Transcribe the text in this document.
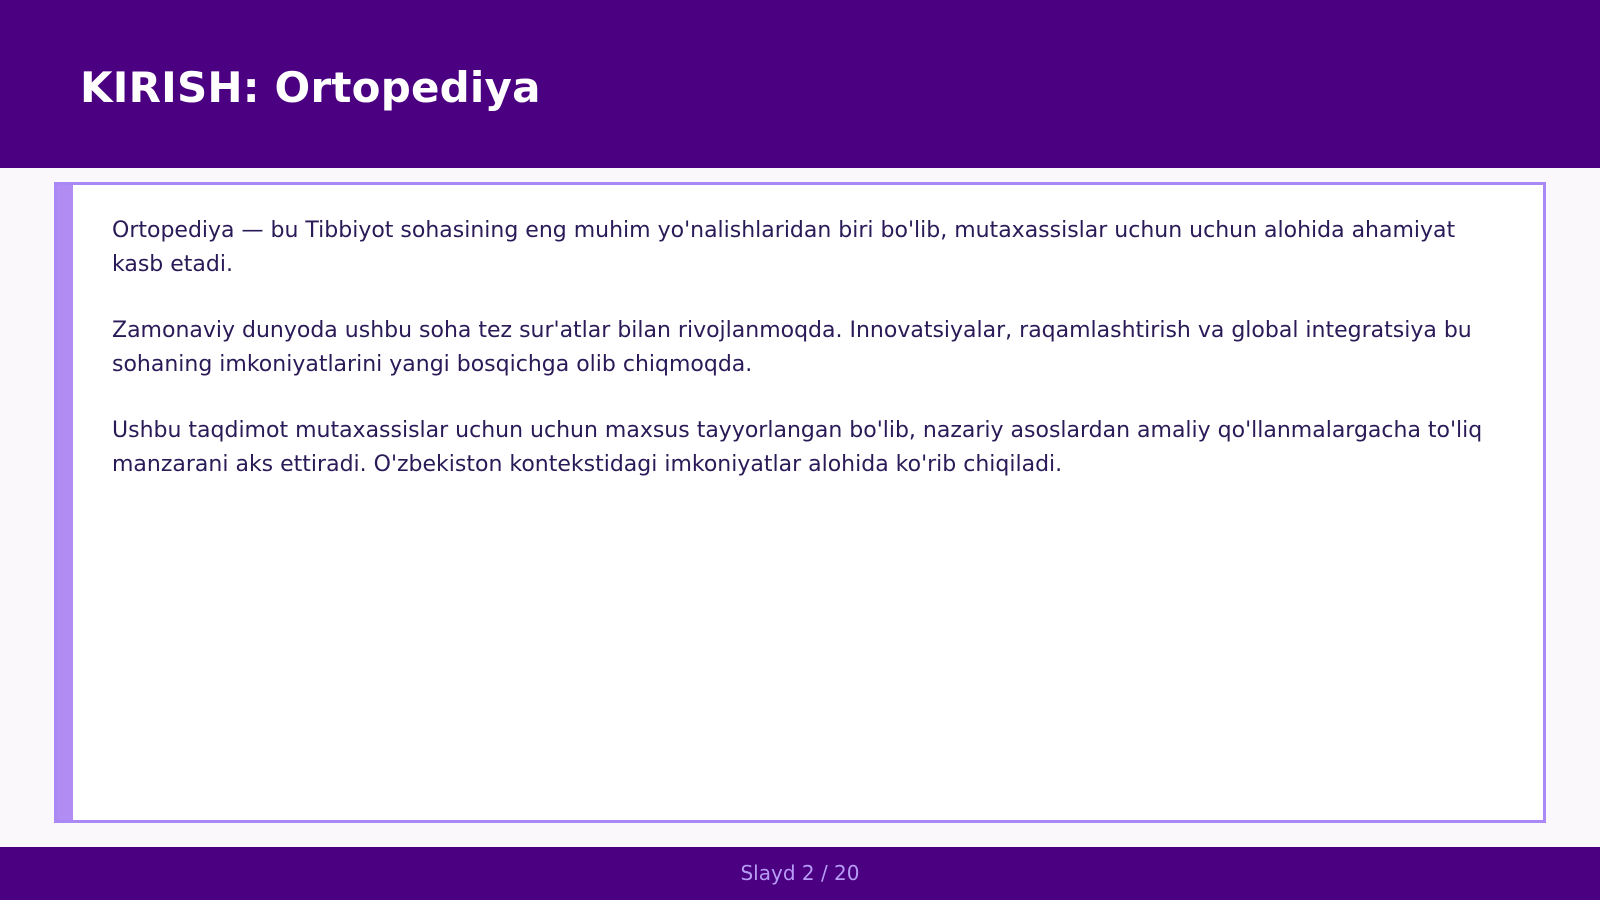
KIRISH: Ortopediya

Ortopediya — bu Tibbiyot sohasining eng muhim yo'nalishlaridan biri bo'lib, mutaxassislar uchun uchun alohida ahamiyat kasb etadi.

Zamonaviy dunyoda ushbu soha tez sur'atlar bilan rivojlanmoqda. Innovatsiyalar, raqamlashtirish va global integratsiya bu sohaning imkoniyatlarini yangi bosqichga olib chiqmoqda.

Ushbu taqdimot mutaxassislar uchun uchun maxsus tayyorlangan bo'lib, nazariy asoslardan amaliy qo'llanmalargacha to'liq manzarani aks ettiradi. O'zbekiston kontekstidagi imkoniyatlar alohida ko'rib chiqiladi.

Slayd 2 / 20
